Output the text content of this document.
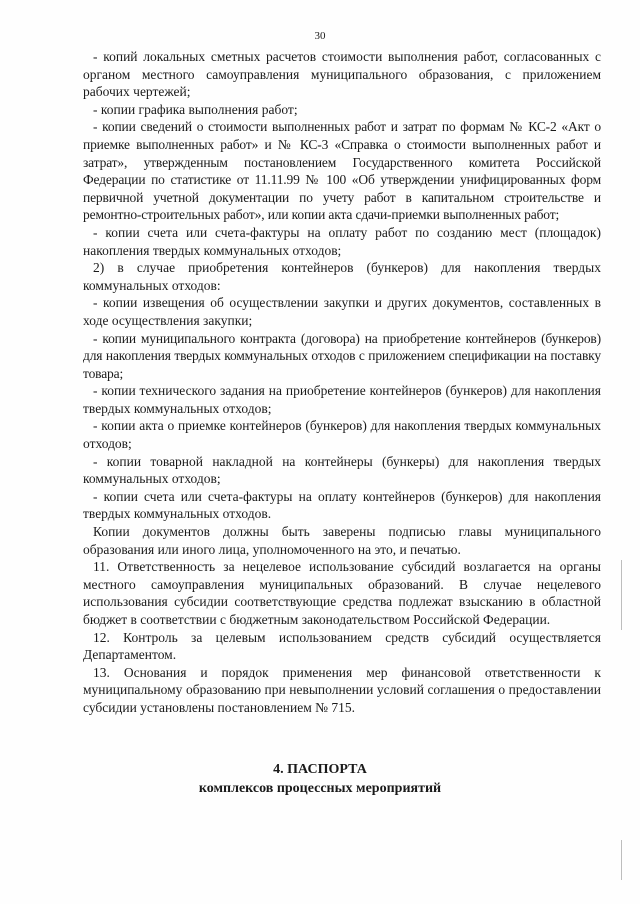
30

- копий локальных сметных расчетов стоимости выполнения работ, согласованных с органом местного самоуправления муниципального образования, с приложением рабочих чертежей;

- копии графика выполнения работ;

- копии сведений о стоимости выполненных работ и затрат по формам № КС-2 «Акт о приемке выполненных работ» и № КС-3 «Справка о стоимости выполненных работ и затрат», утвержденным постановлением Государственного комитета Российской Федерации по статистике от 11.11.99 № 100 «Об утверждении унифицированных форм первичной учетной документации по учету работ в капитальном строительстве и ремонтно-строительных работ», или копии акта сдачи-приемки выполненных работ;

- копии счета или счета-фактуры на оплату работ по созданию мест (площадок) накопления твердых коммунальных отходов;

2) в случае приобретения контейнеров (бункеров) для накопления твердых коммунальных отходов:

- копии извещения об осуществлении закупки и других документов, составленных в ходе осуществления закупки;

- копии муниципального контракта (договора) на приобретение контейнеров (бункеров) для накопления твердых коммунальных отходов с приложением спецификации на поставку товара;

- копии технического задания на приобретение контейнеров (бункеров) для накопления твердых коммунальных отходов;

- копии акта о приемке контейнеров (бункеров) для накопления твердых коммунальных отходов;

- копии товарной накладной на контейнеры (бункеры) для накопления твердых коммунальных отходов;

- копии счета или счета-фактуры на оплату контейнеров (бункеров) для накопления твердых коммунальных отходов.

Копии документов должны быть заверены подписью главы муниципального образования или иного лица, уполномоченного на это, и печатью.

11. Ответственность за нецелевое использование субсидий возлагается на органы местного самоуправления муниципальных образований. В случае нецелевого использования субсидии соответствующие средства подлежат взысканию в областной бюджет в соответствии с бюджетным законодательством Российской Федерации.

12. Контроль за целевым использованием средств субсидий осуществляется Департаментом.

13. Основания и порядок применения мер финансовой ответственности к муниципальному образованию при невыполнении условий соглашения о предоставлении субсидии установлены постановлением № 715.

4. ПАСПОРТА
комплексов процессных мероприятий
